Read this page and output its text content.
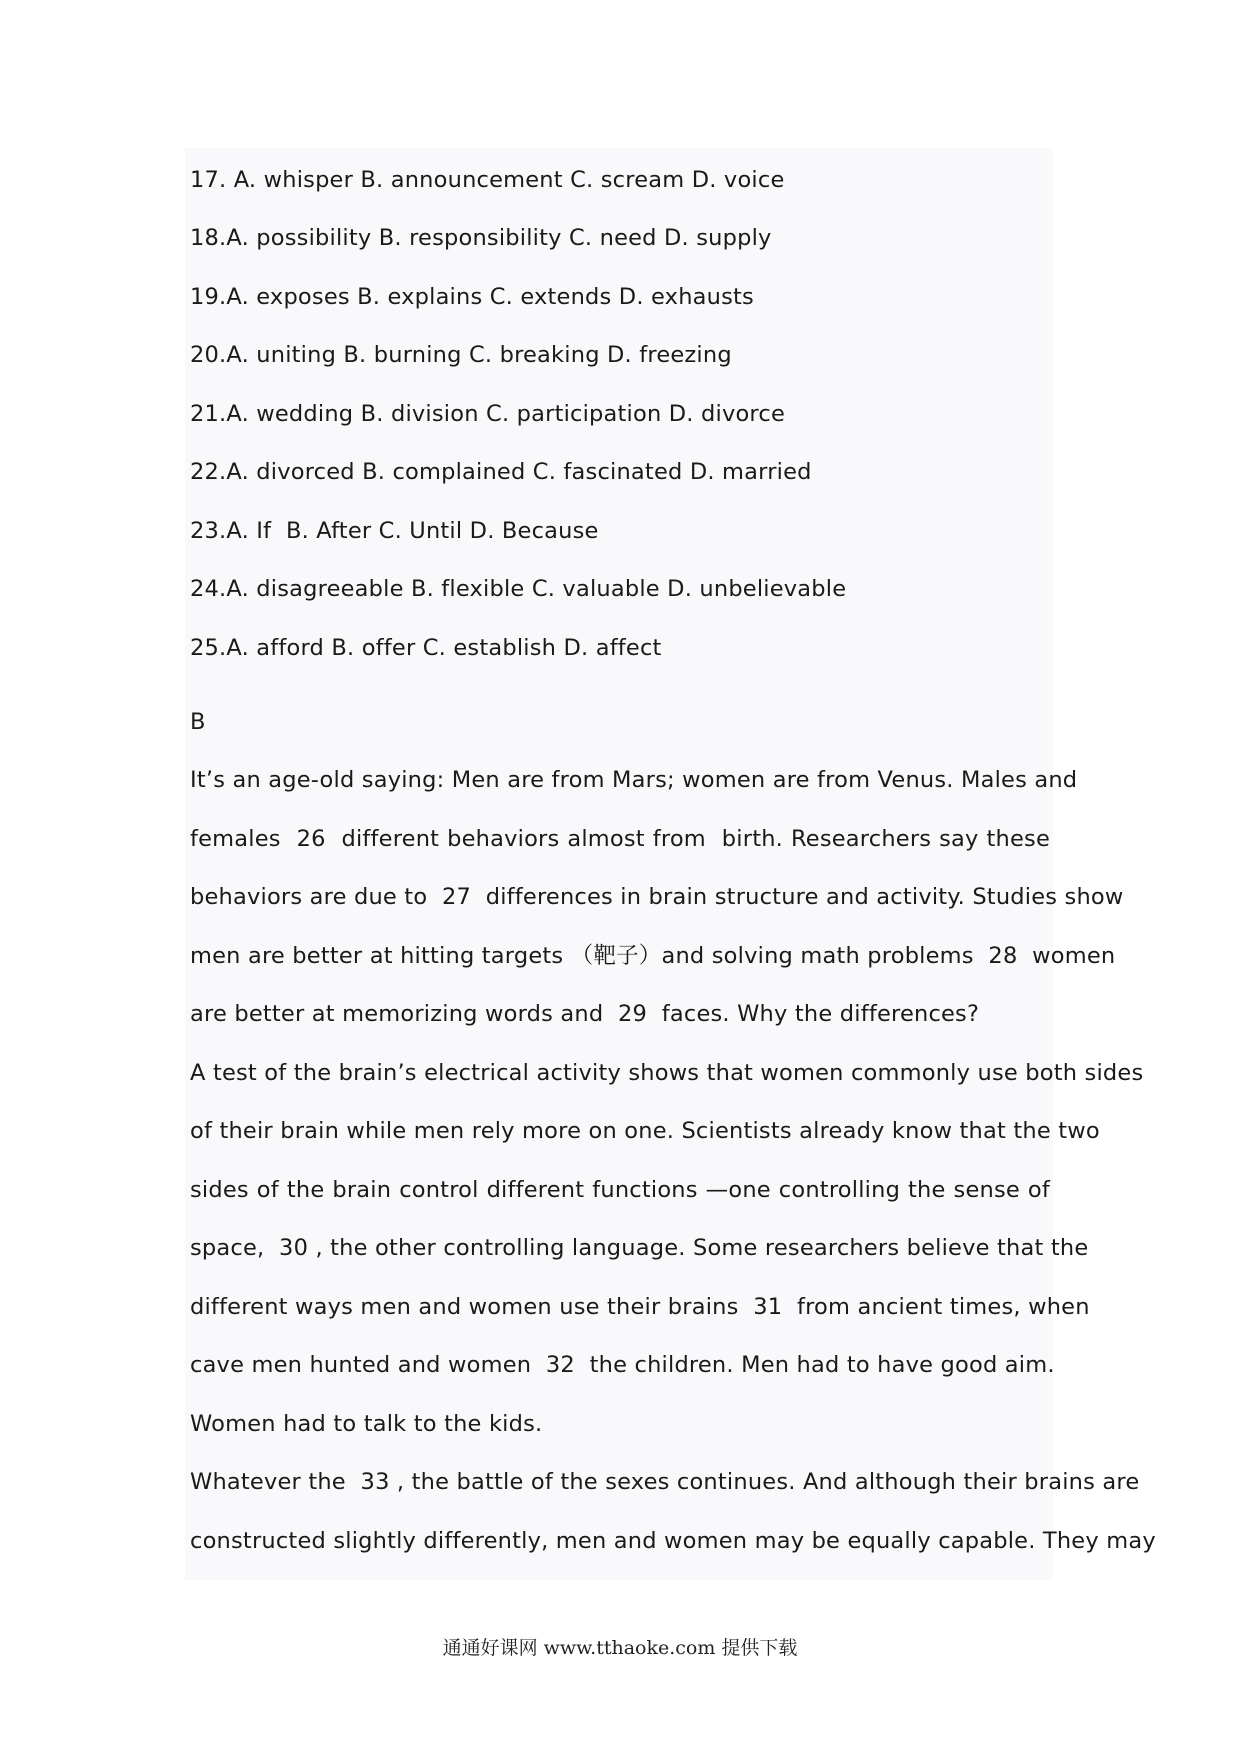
17. A. whisper B. announcement C. scream D. voice
18.A. possibility B. responsibility C. need D. supply
19.A. exposes B. explains C. extends D. exhausts
20.A. uniting B. burning C. breaking D. freezing
21.A. wedding B. division C. participation D. divorce
22.A. divorced B. complained C. fascinated D. married
23.A. If  B. After C. Until D. Because
24.A. disagreeable B. flexible C. valuable D. unbelievable
25.A. afford B. offer C. establish D. affect
B
It’s an age-old saying: Men are from Mars; women are from Venus. Males and
females  26  different behaviors almost from  birth. Researchers say these
behaviors are due to  27  differences in brain structure and activity. Studies show
men are better at hitting targets （靶子）and solving math problems  28  women
are better at memorizing words and  29  faces. Why the differences?
A test of the brain’s electrical activity shows that women commonly use both sides
of their brain while men rely more on one. Scientists already know that the two
sides of the brain control different functions —one controlling the sense of
space,  30 , the other controlling language. Some researchers believe that the
different ways men and women use their brains  31  from ancient times, when
cave men hunted and women  32  the children. Men had to have good aim.
Women had to talk to the kids.
Whatever the  33 , the battle of the sexes continues. And although their brains are
constructed slightly differently, men and women may be equally capable. They may
通通好课网 www.tthaoke.com 提供下载
